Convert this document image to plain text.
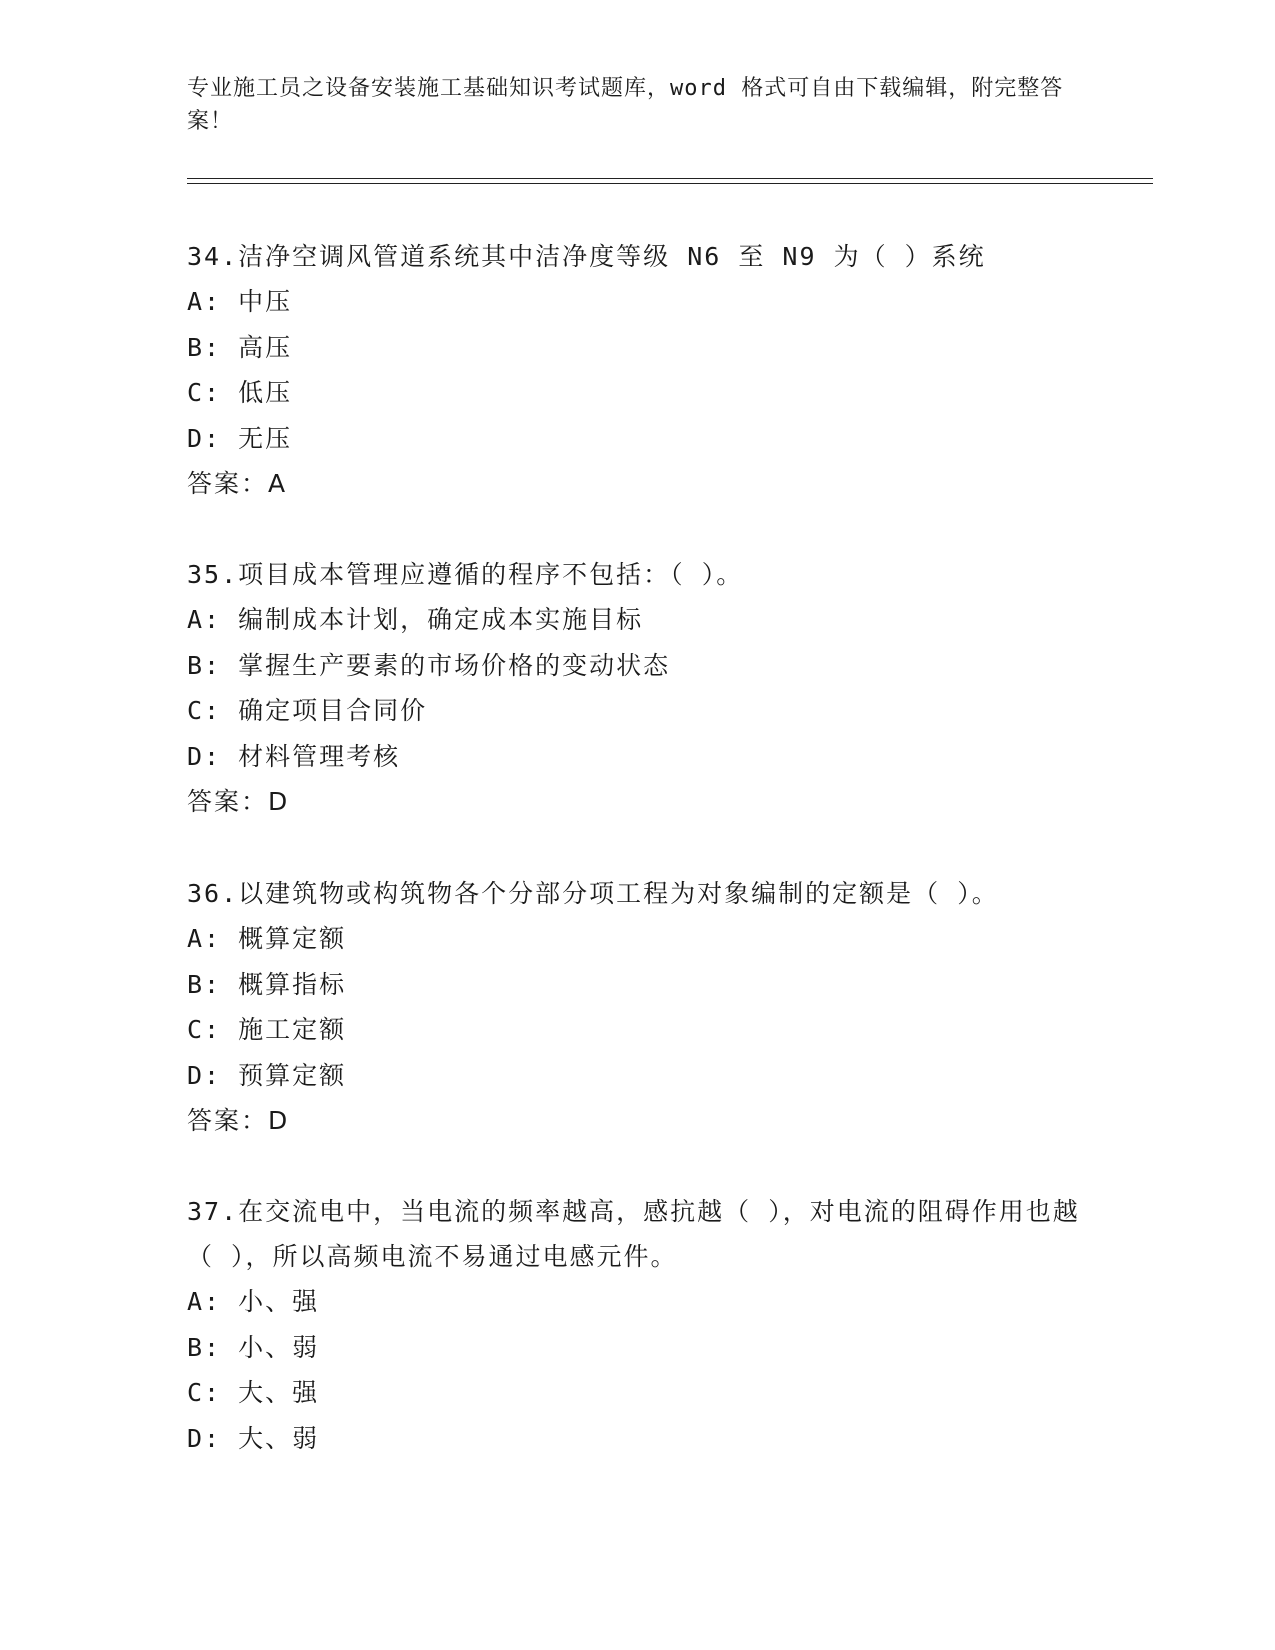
专业施工员之设备安装施工基础知识考试题库，word 格式可自由下载编辑，附完整答案！

34.洁净空调风管道系统其中洁净度等级 N6 至 N9 为（ ）系统

A: 中压

B: 高压

C: 低压

D: 无压

答案：A

35.项目成本管理应遵循的程序不包括：（ ）。

A: 编制成本计划，确定成本实施目标

B: 掌握生产要素的市场价格的变动状态

C: 确定项目合同价

D: 材料管理考核

答案：D

36.以建筑物或构筑物各个分部分项工程为对象编制的定额是（ ）。

A: 概算定额

B: 概算指标

C: 施工定额

D: 预算定额

答案：D

37.在交流电中，当电流的频率越高，感抗越（ ），对电流的阻碍作用也越（ ），所以高频电流不易通过电感元件。

A: 小、强

B: 小、弱

C: 大、强

D: 大、弱
